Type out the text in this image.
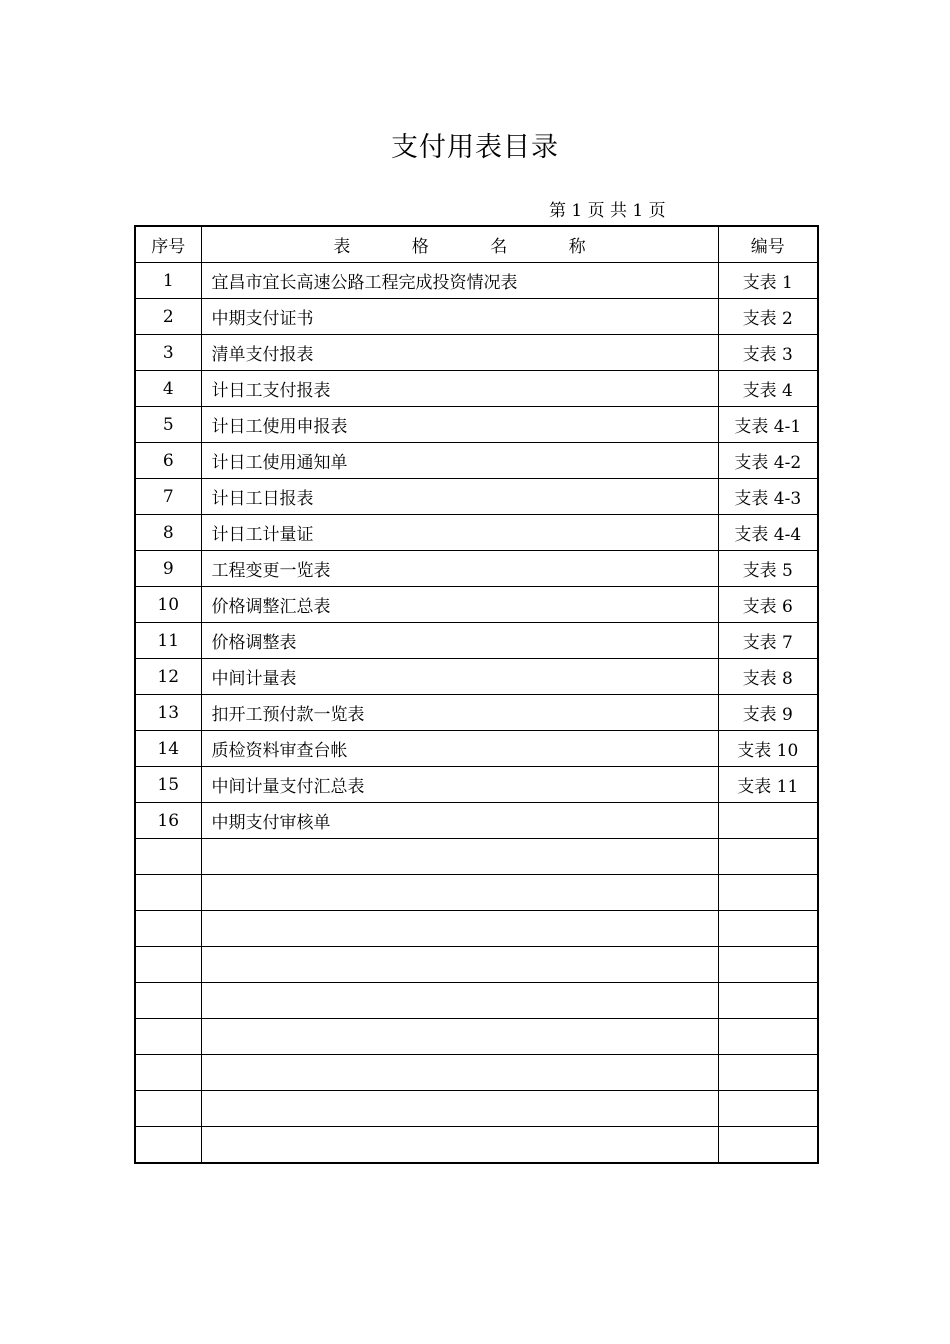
支付用表目录
第 1 页 共 1 页
序号	表 格 名 称	编号
1	宜昌市宜长高速公路工程完成投资情况表	支表 1
2	中期支付证书	支表 2
3	清单支付报表	支表 3
4	计日工支付报表	支表 4
5	计日工使用申报表	支表 4-1
6	计日工使用通知单	支表 4-2
7	计日工日报表	支表 4-3
8	计日工计量证	支表 4-4
9	工程变更一览表	支表 5
10	价格调整汇总表	支表 6
11	价格调整表	支表 7
12	中间计量表	支表 8
13	扣开工预付款一览表	支表 9
14	质检资料审查台帐	支表 10
15	中间计量支付汇总表	支表 11
16	中期支付审核单	
